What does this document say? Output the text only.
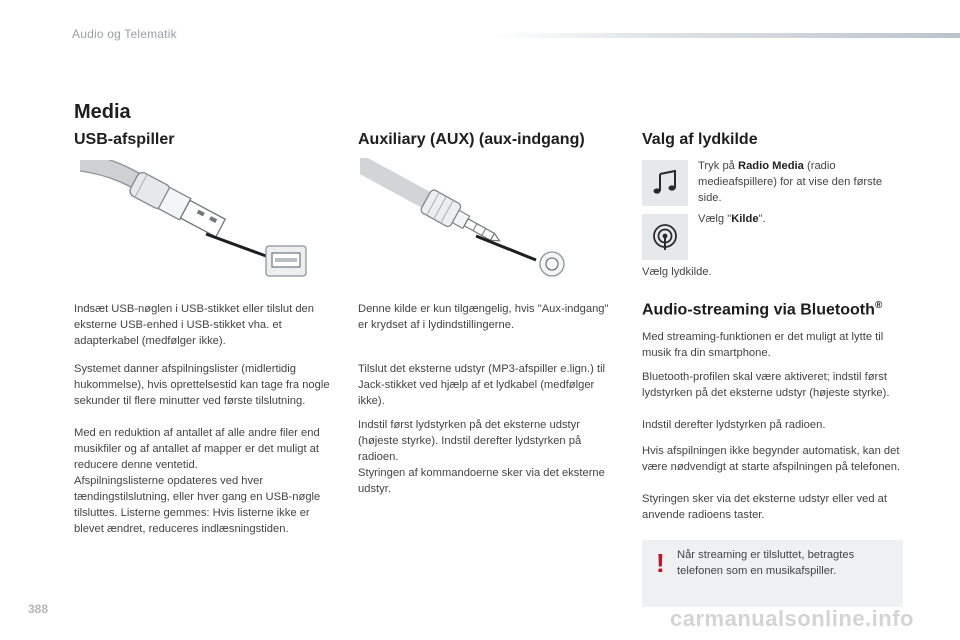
Audio og Telematik
Media
USB-afspiller
Indsæt USB-nøglen i USB-stikket eller tilslut den eksterne USB-enhed i USB-stikket vha. et adapterkabel (medfølger ikke).
Systemet danner afspilningslister (midlertidig hukommelse), hvis oprettelsestid kan tage fra nogle sekunder til flere minutter ved første tilslutning.
Med en reduktion af antallet af alle andre filer end musikfiler og af antallet af mapper er det muligt at reducere denne ventetid.
Afspilningslisterne opdateres ved hver tændingstilslutning, eller hver gang en USB-nøgle tilsluttes. Listerne gemmes: Hvis listerne ikke er blevet ændret, reduceres indlæsningstiden.
Auxiliary (AUX) (aux-indgang)
Denne kilde er kun tilgængelig, hvis "Aux-indgang" er krydset af i lydindstillingerne.
Tilslut det eksterne udstyr (MP3-afspiller e.lign.) til Jack-stikket ved hjælp af et lydkabel (medfølger ikke).
Indstil først lydstyrken på det eksterne udstyr (højeste styrke). Indstil derefter lydstyrken på radioen.
Styringen af kommandoerne sker via det eksterne udstyr.
Valg af lydkilde
Tryk på Radio Media (radio medieafspillere) for at vise den første side.
Vælg "Kilde".
Vælg lydkilde.
Audio-streaming via Bluetooth®
Med streaming-funktionen er det muligt at lytte til musik fra din smartphone.
Bluetooth-profilen skal være aktiveret; indstil først lydstyrken på det eksterne udstyr (højeste styrke).
Indstil derefter lydstyrken på radioen.
Hvis afspilningen ikke begynder automatisk, kan det være nødvendigt at starte afspilningen på telefonen.
Styringen sker via det eksterne udstyr eller ved at anvende radioens taster.
! Når streaming er tilsluttet, betragtes telefonen som en musikafspiller.
388	carmanualsonline.info
